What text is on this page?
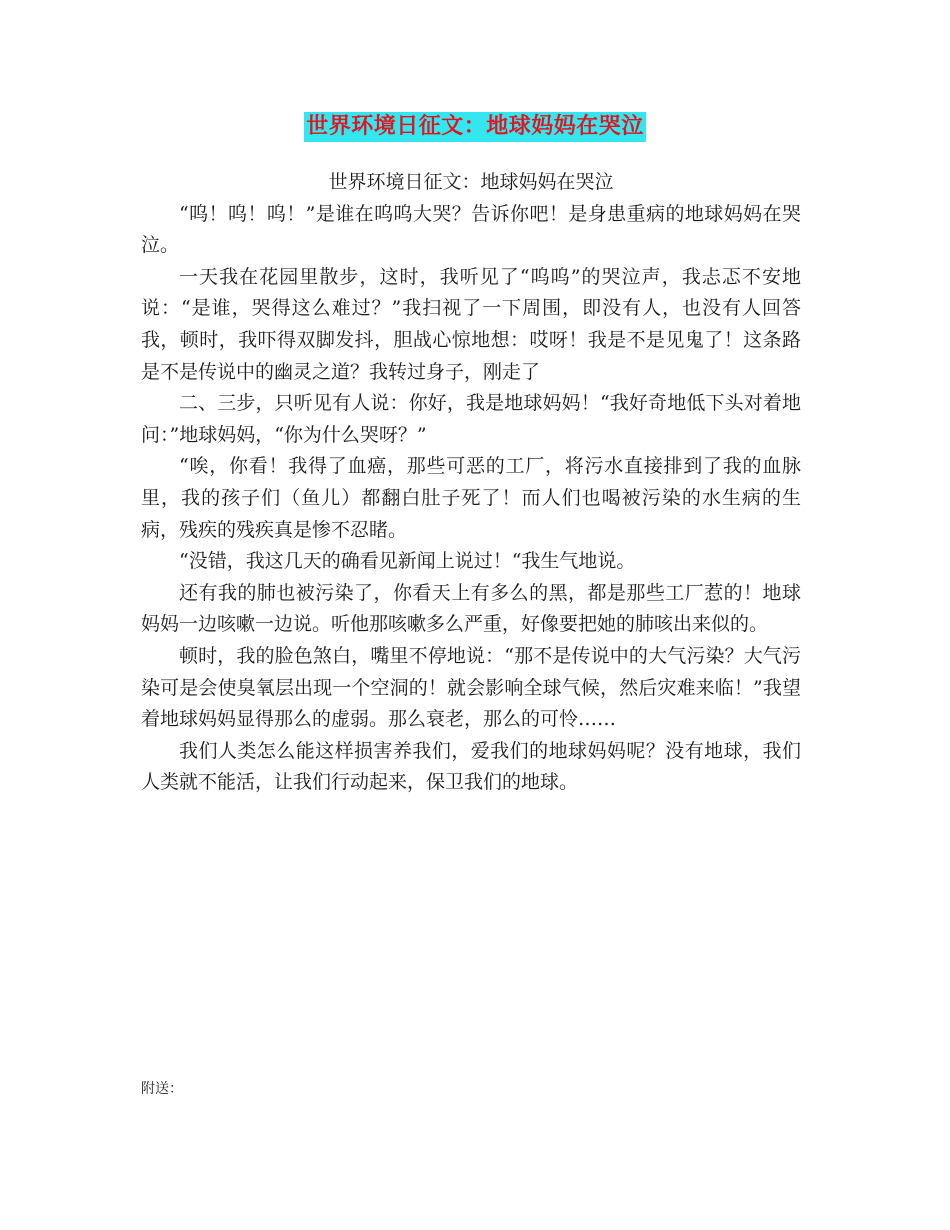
世界环境日征文：地球妈妈在哭泣

世界环境日征文：地球妈妈在哭泣

“呜！呜！呜！”是谁在呜呜大哭？告诉你吧！是身患重病的地球妈妈在哭泣。

一天我在花园里散步，这时，我听见了“呜呜”的哭泣声，我忐忑不安地说：“是谁，哭得这么难过？”我扫视了一下周围，即没有人，也没有人回答我，顿时，我吓得双脚发抖，胆战心惊地想：哎呀！我是不是见鬼了！这条路是不是传说中的幽灵之道？我转过身子，刚走了

二、三步，只听见有人说：你好，我是地球妈妈！“我好奇地低下头对着地问：”地球妈妈，“你为什么哭呀？”

“唉，你看！我得了血癌，那些可恶的工厂，将污水直接排到了我的血脉里，我的孩子们（鱼儿）都翻白肚子死了！而人们也喝被污染的水生病的生病，残疾的残疾真是惨不忍睹。

“没错，我这几天的确看见新闻上说过！“我生气地说。

还有我的肺也被污染了，你看天上有多么的黑，都是那些工厂惹的！地球妈妈一边咳嗽一边说。听他那咳嗽多么严重，好像要把她的肺咳出来似的。

顿时，我的脸色煞白，嘴里不停地说：“那不是传说中的大气污染？大气污染可是会使臭氧层出现一个空洞的！就会影响全球气候，然后灾难来临！”我望着地球妈妈显得那么的虚弱。那么衰老，那么的可怜……

我们人类怎么能这样损害养我们，爱我们的地球妈妈呢？没有地球，我们人类就不能活，让我们行动起来，保卫我们的地球。

附送：
